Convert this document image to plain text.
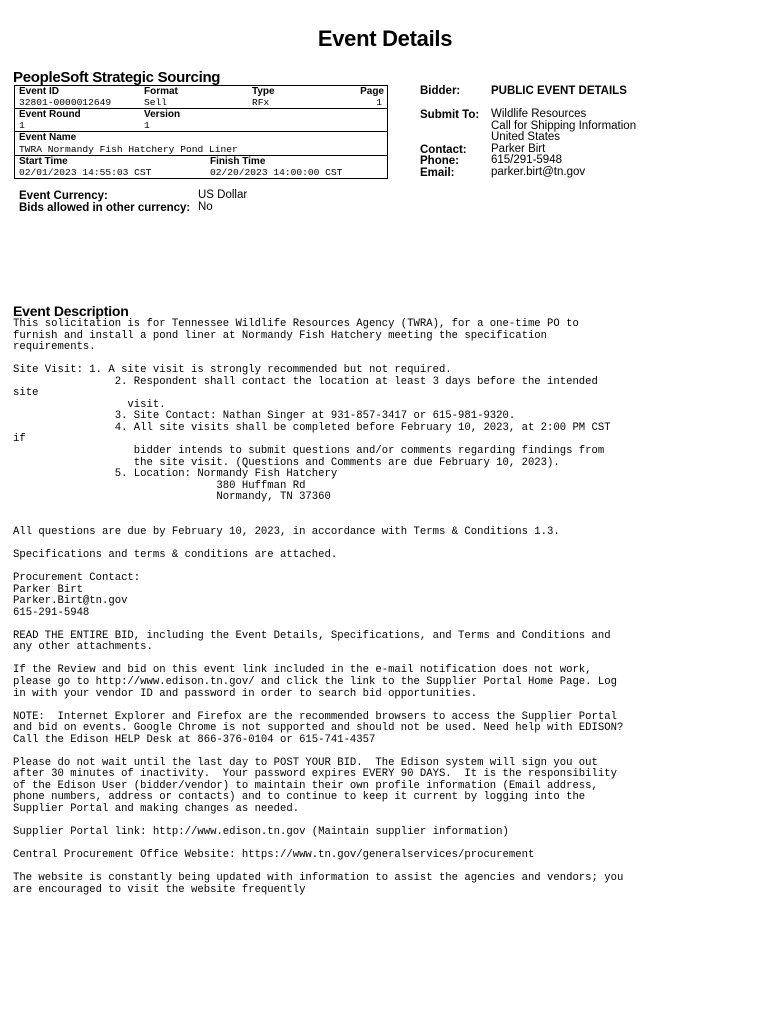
Event Details
PeopleSoft Strategic Sourcing
Event ID	Format	Type	Page
32801-0000012649	Sell	RFx	1
Event Round	Version
1	1
Event Name
TWRA Normandy Fish Hatchery Pond Liner
Start Time	Finish Time
02/01/2023 14:55:03 CST	02/20/2023 14:00:00 CST
Event Currency:	US Dollar
Bids allowed in other currency: No
Bidder:	PUBLIC EVENT DETAILS
Submit To: Wildlife Resources
Call for Shipping Information
United States
Contact: Parker Birt
Phone:	615/291-5948
Email:	parker.birt@tn.gov
Event Description
This solicitation is for Tennessee Wildlife Resources Agency (TWRA), for a one-time PO to
furnish and install a pond liner at Normandy Fish Hatchery meeting the specification
requirements.

Site Visit: 1. A site visit is strongly recommended but not required.
2. Respondent shall contact the location at least 3 days before the intended
site
visit.
3. Site Contact: Nathan Singer at 931-857-3417 or 615-981-9320.
4. All site visits shall be completed before February 10, 2023, at 2:00 PM CST
if
bidder intends to submit questions and/or comments regarding findings from
the site visit. (Questions and Comments are due February 10, 2023).
5. Location: Normandy Fish Hatchery
380 Huffman Rd
Normandy, TN 37360

All questions are due by February 10, 2023, in accordance with Terms & Conditions 1.3.

Specifications and terms & conditions are attached.

Procurement Contact:
Parker Birt
Parker.Birt@tn.gov
615-291-5948

READ THE ENTIRE BID, including the Event Details, Specifications, and Terms and Conditions and
any other attachments.

If the Review and bid on this event link included in the e-mail notification does not work,
please go to http://www.edison.tn.gov/ and click the link to the Supplier Portal Home Page. Log
in with your vendor ID and password in order to search bid opportunities.

NOTE:  Internet Explorer and Firefox are the recommended browsers to access the Supplier Portal
and bid on events. Google Chrome is not supported and should not be used. Need help with EDISON?
Call the Edison HELP Desk at 866-376-0104 or 615-741-4357

Please do not wait until the last day to POST YOUR BID.  The Edison system will sign you out
after 30 minutes of inactivity.  Your password expires EVERY 90 DAYS.  It is the responsibility
of the Edison User (bidder/vendor) to maintain their own profile information (Email address,
phone numbers, address or contacts) and to continue to keep it current by logging into the
Supplier Portal and making changes as needed.

Supplier Portal link: http://www.edison.tn.gov (Maintain supplier information)

Central Procurement Office Website: https://www.tn.gov/generalservices/procurement

The website is constantly being updated with information to assist the agencies and vendors; you
are encouraged to visit the website frequently
